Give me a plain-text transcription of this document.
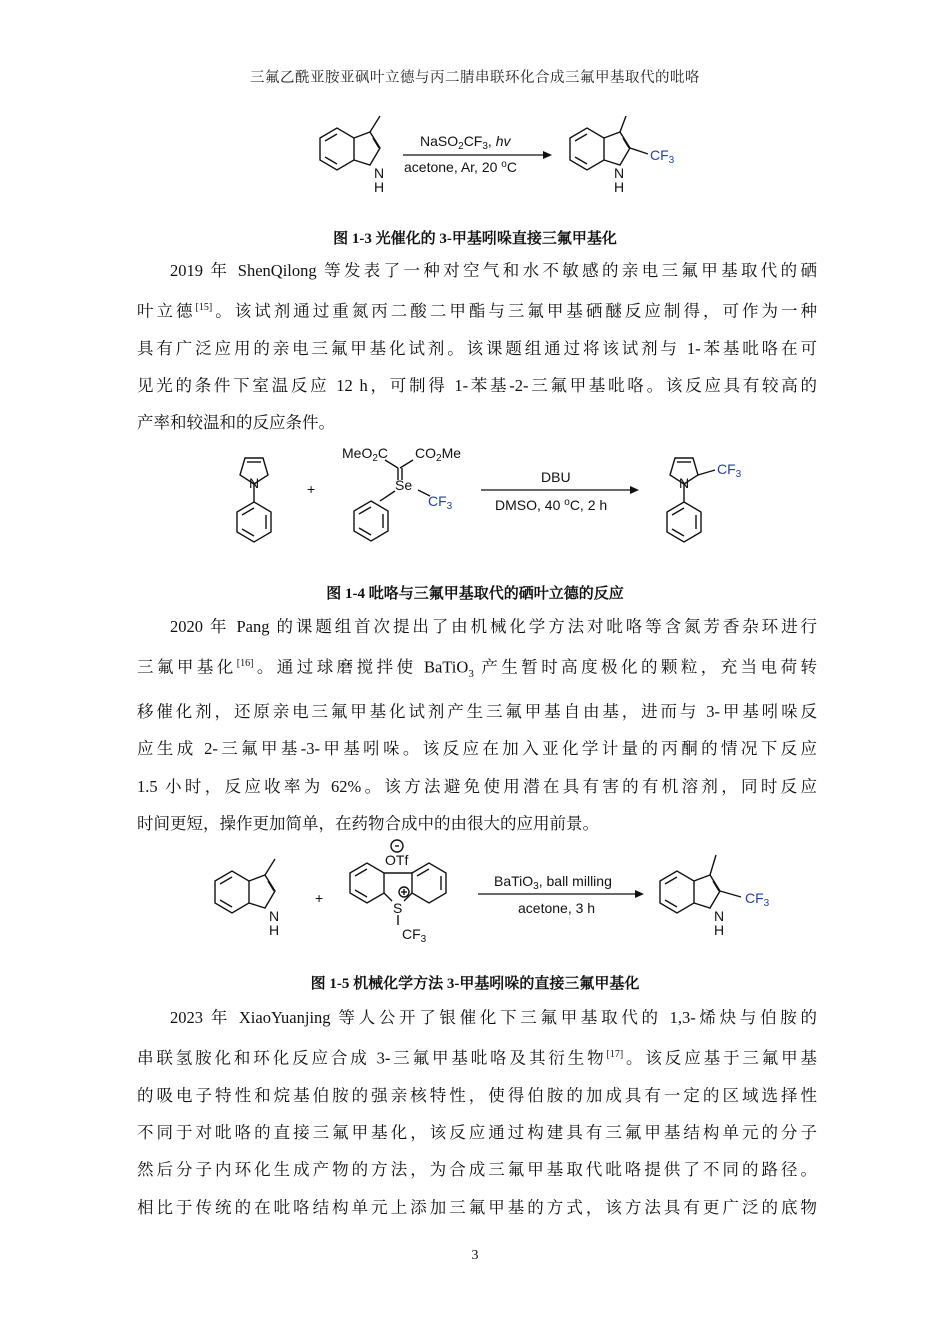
三氟乙酰亚胺亚砜叶立德与丙二腈串联环化合成三氟甲基取代的吡咯
N
H
$NaSO_2CF_3$, hv
acetone, Ar, 20 $^o$C	N
H
$CF_3$
图 1-3 光催化的 3-甲基吲哚直接三氟甲基化
2019 年 ShenQilong 等发表了一种对空气和水不敏感的亲电三氟甲基取代的硒
叶立德[15]。该试剂通过重氮丙二酸二甲酯与三氟甲基硒醚反应制得，可作为一种
具有广泛应用的亲电三氟甲基化试剂。该课题组通过将该试剂与 1-苯基吡咯在可
见光的条件下室温反应 12 h，可制得 1-苯基-2-三氟甲基吡咯。该反应具有较高的
产率和较温和的反应条件。
N	+
MeO$_2$C $CO_2Me$
Se
$CF_3$
DBU
DMSO, 40 $^o$C, 2 h
N
$CF_3$
图 1-4 吡咯与三氟甲基取代的硒叶立德的反应
2020 年 Pang 的课题组首次提出了由机械化学方法对吡咯等含氮芳香杂环进行
三氟甲基化[16]。通过球磨搅拌使 BaTiO$_3$ 产生暂时高度极化的颗粒，充当电荷转
移催化剂，还原亲电三氟甲基化试剂产生三氟甲基自由基，进而与 3-甲基吲哚反
应生成 2-三氟甲基-3-甲基吲哚。该反应在加入亚化学计量的丙酮的情况下反应
1.5 小时，反应收率为 62%。该方法避免使用潜在具有害的有机溶剂，同时反应
时间更短，操作更加简单，在药物合成中的由很大的应用前景。
N
H
+
OTf
S
$CF_3$
BaTiO$_3$, ball milling
acetone, 3 h	N
H
$CF_3$
图 1-5 机械化学方法 3-甲基吲哚的直接三氟甲基化
2023 年 XiaoYuanjing 等人公开了银催化下三氟甲基取代的 1,3-烯炔与伯胺的
串联氢胺化和环化反应合成 3-三氟甲基吡咯及其衍生物[17]。该反应基于三氟甲基
的吸电子特性和烷基伯胺的强亲核特性，使得伯胺的加成具有一定的区域选择性
不同于对吡咯的直接三氟甲基化，该反应通过构建具有三氟甲基结构单元的分子
然后分子内环化生成产物的方法，为合成三氟甲基取代吡咯提供了不同的路径。
相比于传统的在吡咯结构单元上添加三氟甲基的方式，该方法具有更广泛的底物
3
